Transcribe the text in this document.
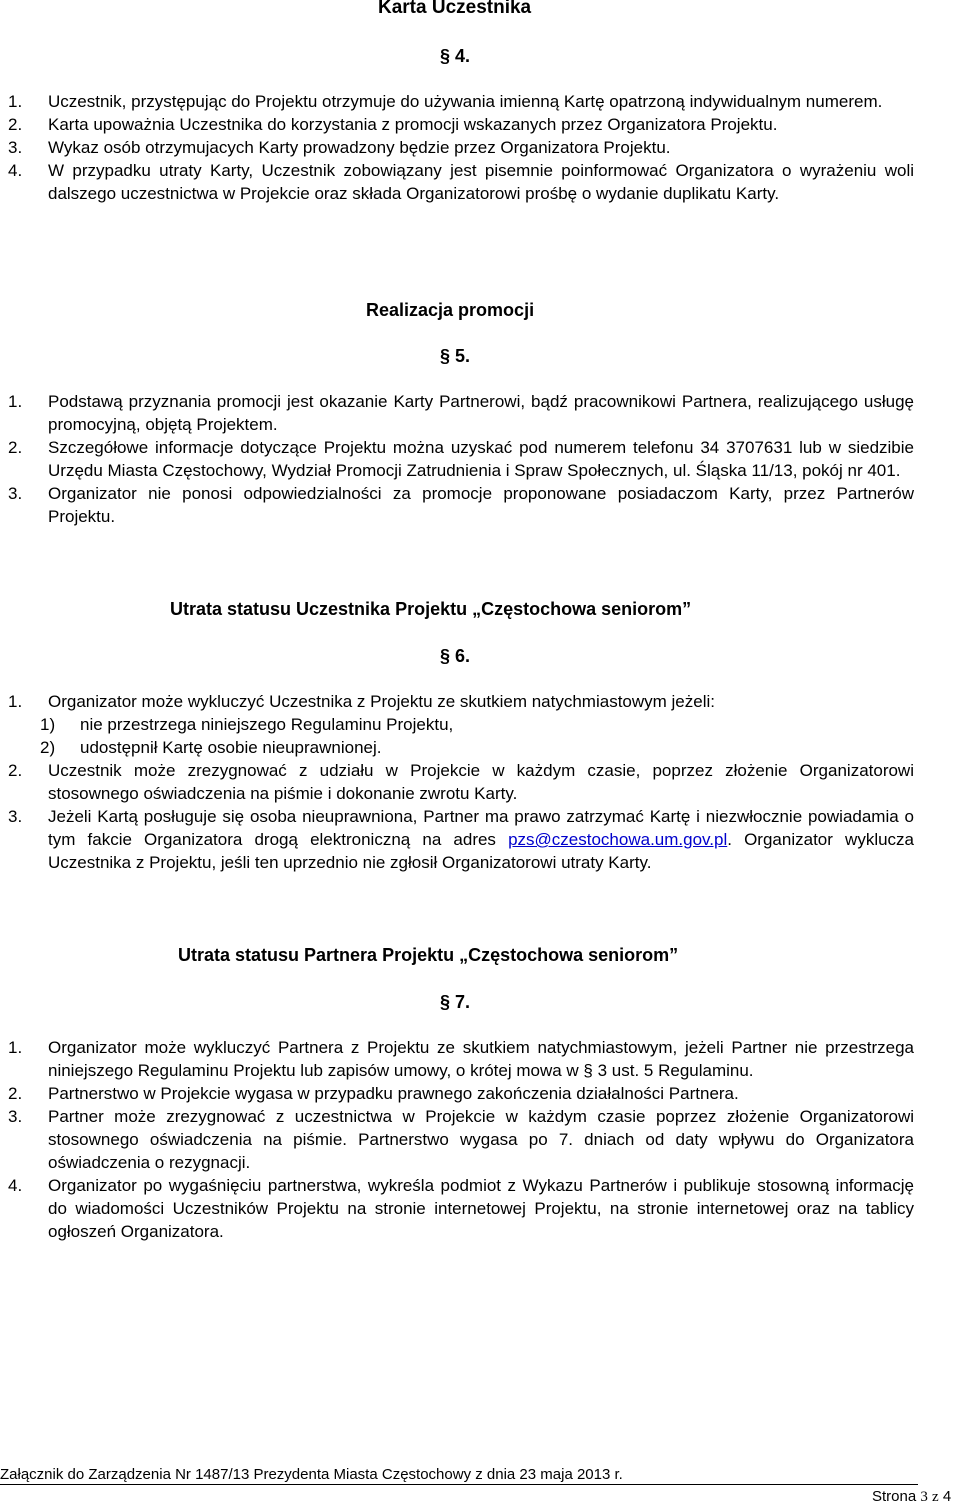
Karta Uczestnika
§ 4.
1. Uczestnik, przystępując do Projektu otrzymuje do używania imienną Kartę opatrzoną indywidualnym numerem.
2. Karta upoważnia Uczestnika do korzystania z promocji wskazanych przez Organizatora Projektu.
3. Wykaz osób otrzymujacych Karty prowadzony będzie przez Organizatora Projektu.
4. W przypadku utraty Karty, Uczestnik zobowiązany jest pisemnie poinformować Organizatora o wyrażeniu woli dalszego uczestnictwa w Projekcie oraz składa Organizatorowi prośbę o wydanie duplikatu Karty.
Realizacja promocji
§ 5.
1. Podstawą przyznania promocji jest okazanie Karty Partnerowi, bądź pracownikowi Partnera, realizującego usługę promocyjną, objętą Projektem.
2. Szczegółowe informacje dotyczące Projektu można uzyskać pod numerem telefonu 34 3707631 lub w siedzibie Urzędu Miasta Częstochowy, Wydział Promocji Zatrudnienia i Spraw Społecznych, ul. Śląska 11/13, pokój nr 401.
3. Organizator nie ponosi odpowiedzialności za promocje proponowane posiadaczom Karty, przez Partnerów Projektu.
Utrata statusu Uczestnika Projektu „Częstochowa seniorom”
§ 6.
1. Organizator może wykluczyć Uczestnika z Projektu ze skutkiem natychmiastowym jeżeli:
1) nie przestrzega niniejszego Regulaminu Projektu,
2) udostępnił Kartę osobie nieuprawnionej.
2. Uczestnik może zrezygnować z udziału w Projekcie w każdym czasie, poprzez złożenie Organizatorowi stosownego oświadczenia na piśmie i dokonanie zwrotu Karty.
3. Jeżeli Kartą posługuje się osoba nieuprawniona, Partner ma prawo zatrzymać Kartę i niezwłocznie powiadamia o tym fakcie Organizatora drogą elektroniczną na adres pzs@czestochowa.um.gov.pl. Organizator wyklucza Uczestnika z Projektu, jeśli ten uprzednio nie zgłosił Organizatorowi utraty Karty.
Utrata statusu Partnera Projektu „Częstochowa seniorom”
§ 7.
1. Organizator może wykluczyć Partnera z Projektu ze skutkiem natychmiastowym, jeżeli Partner nie przestrzega niniejszego Regulaminu Projektu lub zapisów umowy, o krótej mowa w § 3 ust. 5 Regulaminu.
2. Partnerstwo w Projekcie wygasa w przypadku prawnego zakończenia działalności Partnera.
3. Partner może zrezygnować z uczestnictwa w Projekcie w każdym czasie poprzez złożenie Organizatorowi stosownego oświadczenia na piśmie. Partnerstwo wygasa po 7. dniach od daty wpływu do Organizatora oświadczenia o rezygnacji.
4. Organizator po wygaśnięciu partnerstwa, wykreśla podmiot z Wykazu Partnerów i publikuje stosowną informację do wiadomości Uczestników Projektu na stronie internetowej Projektu, na stronie internetowej oraz na tablicy ogłoszeń Organizatora.
Załącznik do Zarządzenia Nr 1487/13 Prezydenta Miasta Częstochowy z dnia 23 maja 2013 r.
Strona 3 z 4
